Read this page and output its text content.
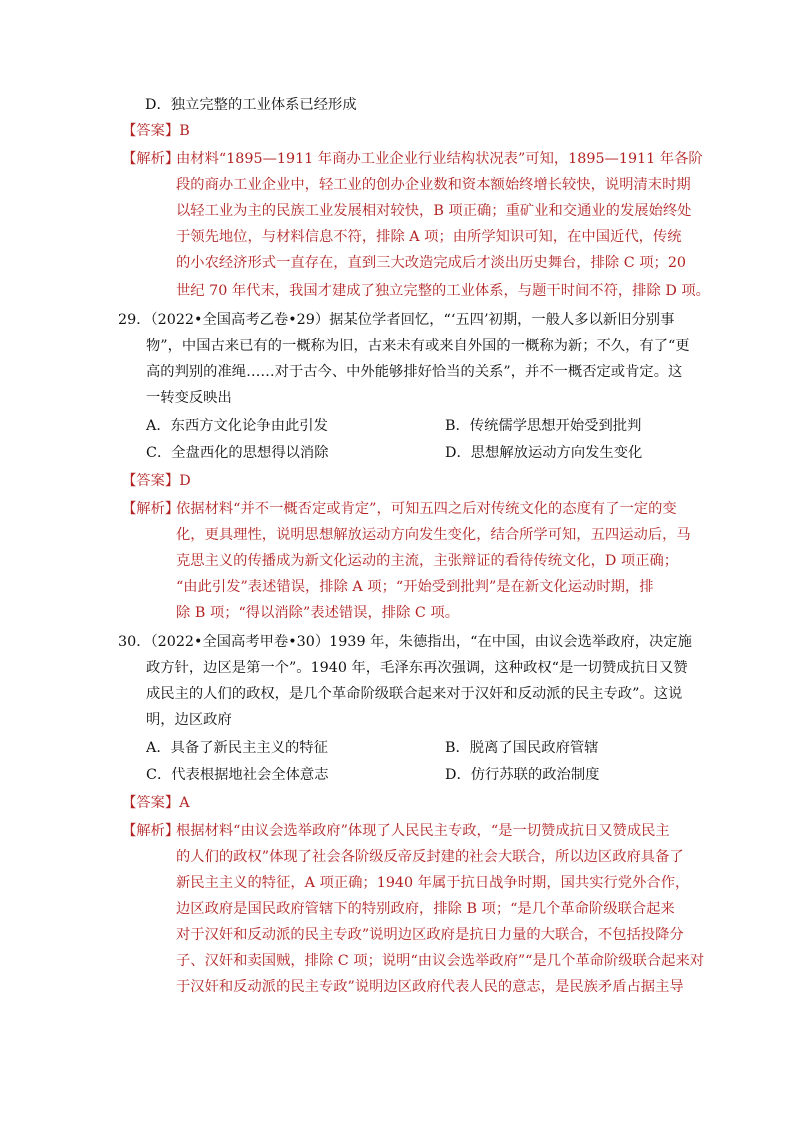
D．独立完整的工业体系已经形成
【答案】B
【解析】
由材料“1895—1911 年商办工业企业行业结构状况表”可知，1895—1911 年各阶
段的商办工业企业中，轻工业的创办企业数和资本额始终增长较快，说明清末时期
以轻工业为主的民族工业发展相对较快，B 项正确；重矿业和交通业的发展始终处
于领先地位，与材料信息不符，排除 A 项；由所学知识可知，在中国近代，传统
的小农经济形式一直存在，直到三大改造完成后才淡出历史舞台，排除 C 项；20
世纪 70 年代末，我国才建成了独立完整的工业体系，与题干时间不符，排除 D 项。
29．（2022•全国高考乙卷•29）据某位学者回忆，“‘五四’初期，一般人多以新旧分别事
物”，中国古来已有的一概称为旧，古来未有或来自外国的一概称为新；不久，有了“更
高的判别的准绳……对于古今、中外能够排好恰当的关系”，并不一概否定或肯定。这
一转变反映出
A．东西方文化论争由此引发	B．传统儒学思想开始受到批判
C．全盘西化的思想得以消除	D．思想解放运动方向发生变化
【答案】D
【解析】
依据材料“并不一概否定或肯定”，可知五四之后对传统文化的态度有了一定的变
化，更具理性，说明思想解放运动方向发生变化，结合所学可知，五四运动后，马
克思主义的传播成为新文化运动的主流，主张辩证的看待传统文化，D 项正确；
“由此引发”表述错误，排除 A 项；“开始受到批判”是在新文化运动时期，排
除 B 项；“得以消除”表述错误，排除 C 项。
30．（2022•全国高考甲卷•30）1939 年，朱德指出，“在中国，由议会选举政府，决定施
政方针，边区是第一个”。1940 年，毛泽东再次强调，这种政权“是一切赞成抗日又赞
成民主的人们的政权，是几个革命阶级联合起来对于汉奸和反动派的民主专政”。这说
明，边区政府
A．具备了新民主主义的特征	B．脱离了国民政府管辖
C．代表根据地社会全体意志	D．仿行苏联的政治制度
【答案】A
【解析】
根据材料“由议会选举政府”体现了人民民主专政，“是一切赞成抗日又赞成民主
的人们的政权”体现了社会各阶级反帝反封建的社会大联合，所以边区政府具备了
新民主主义的特征，A 项正确；1940 年属于抗日战争时期，国共实行党外合作，
边区政府是国民政府管辖下的特别政府，排除 B 项；“是几个革命阶级联合起来
对于汉奸和反动派的民主专政”说明边区政府是抗日力量的大联合，不包括投降分
子、汉奸和卖国贼，排除 C 项；说明“由议会选举政府”“是几个革命阶级联合起来对
于汉奸和反动派的民主专政”说明边区政府代表人民的意志，是民族矛盾占据主导
